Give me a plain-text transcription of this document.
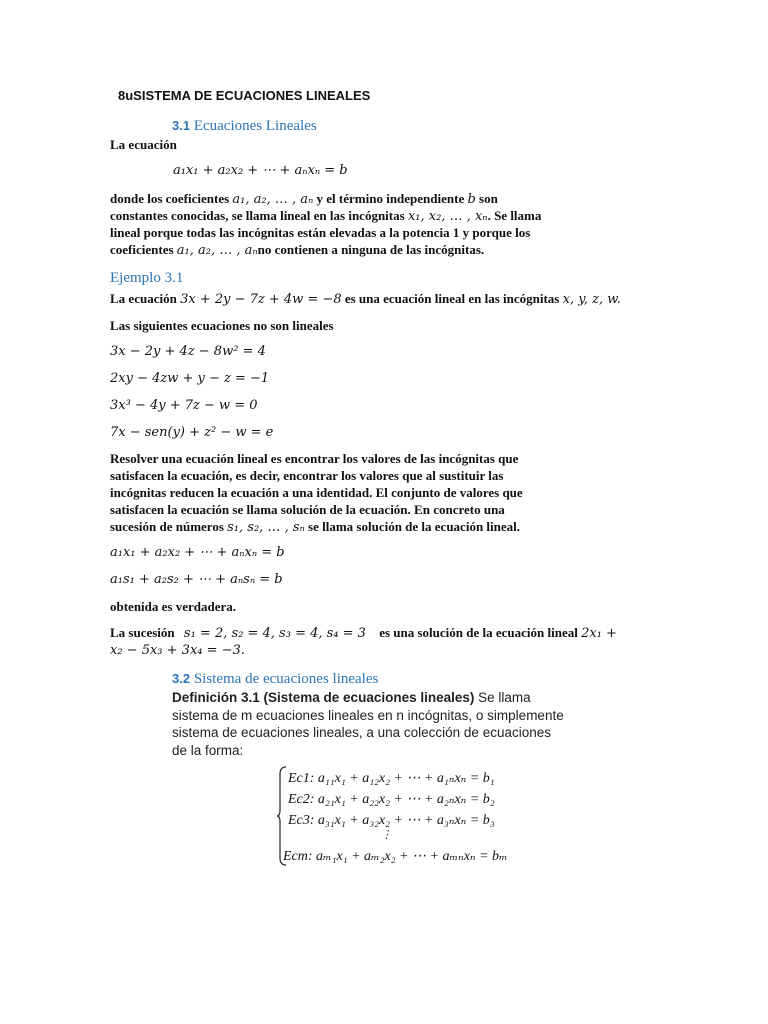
8uSISTEMA DE ECUACIONES LINEALES
3.1 Ecuaciones Lineales
La ecuación
a₁x₁ + a₂x₂ + ⋯ + aₙxₙ = b
donde los coeficientes a₁, a₂, … , aₙ y el término independiente b son
constantes conocidas, se llama lineal en las incógnitas x₁, x₂, … , xₙ. Se llama
lineal porque todas las incógnitas están elevadas a la potencia 1 y porque los
coeficientes a₁, a₂, … , aₙno contienen a ninguna de las incógnitas.
Ejemplo 3.1
La ecuación 3x + 2y − 7z + 4w = −8 es una ecuación lineal en las incógnitas x, y, z, w.
Las siguientes ecuaciones no son lineales
3x − 2y + 4z − 8w² = 4
2xy − 4zw + y − z = −1
3x³ − 4y + 7z − w = 0
7x − sen(y) + z² − w = e
Resolver una ecuación lineal es encontrar los valores de las incógnitas que
satisfacen la ecuación, es decir, encontrar los valores que al sustituir las
incógnitas reducen la ecuación a una identidad. El conjunto de valores que
satisfacen la ecuación se llama solución de la ecuación. En concreto una
sucesión de números s₁, s₂, … , sₙ se llama solución de la ecuación lineal.
a₁x₁ + a₂x₂ + ⋯ + aₙxₙ = b
a₁s₁ + a₂s₂ + ⋯ + aₙsₙ = b
obtenida es verdadera.
La sucesión s₁ = 2, s₂ = 4, s₃ = 4, s₄ = 3 es una solución de la ecuación lineal 2x₁ +
x₂ − 5x₃ + 3x₄ = −3.
3.2 Sistema de ecuaciones lineales
Definición 3.1 (Sistema de ecuaciones lineales) Se llama
sistema de m ecuaciones lineales en n incógnitas, o simplemente
sistema de ecuaciones lineales, a una colección de ecuaciones
de la forma:
Ec1: a₁₁x₁ + a₁₂x₂ + ⋯ + a₁ₙxₙ = b₁
Ec2: a₂₁x₁ + a₂₂x₂ + ⋯ + a₂ₙxₙ = b₂
Ec3: a₃₁x₁ + a₃₂x₂ + ⋯ + a₃ₙxₙ = b₃
⋮
Ecm: aₘ₁x₁ + aₘ₂x₂ + ⋯ + aₘₙxₙ = bₘ
